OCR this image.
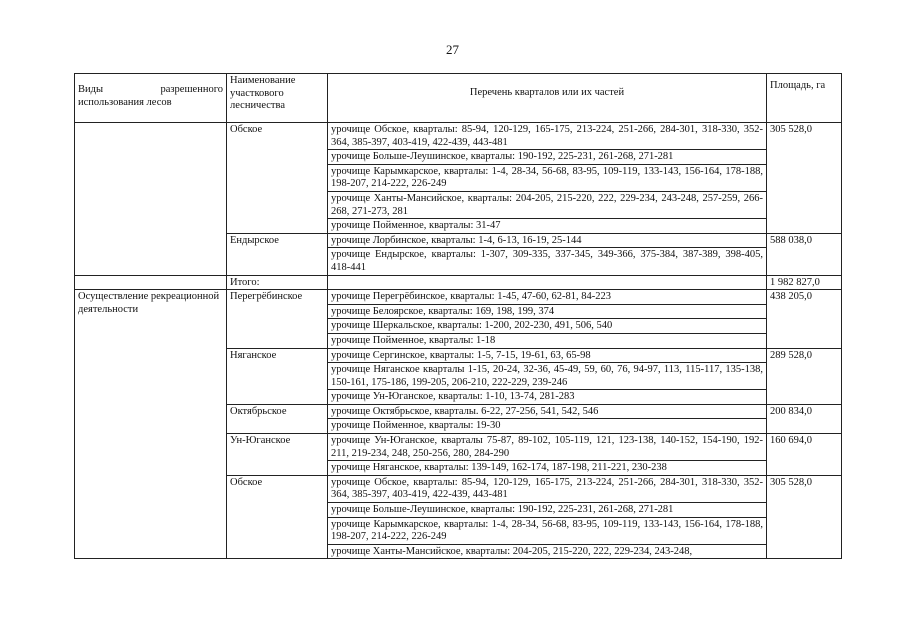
27
Виды разрешенного
использования лесов	Наименование участкового лесничества	Перечень кварталов или их частей	Площадь, га
	Обское	урочище Обское, кварталы: 85-94, 120-129, 165-175, 213-224, 251-266, 284-301, 318-330, 352-364, 385-397, 403-419, 422-439, 443-481	305 528,0
		урочище Больше-Леушинское, кварталы: 190-192, 225-231, 261-268, 271-281	
		урочище Карымкарское, кварталы: 1-4, 28-34, 56-68, 83-95, 109-119, 133-143, 156-164, 178-188, 198-207, 214-222, 226-249	
		урочище Ханты-Мансийское, кварталы: 204-205, 215-220, 222, 229-234, 243-248, 257-259, 266-268, 271-273, 281	
		урочище Пойменное, кварталы: 31-47	
	Ендырское	урочище Лорбинское, кварталы: 1-4, 6-13, 16-19, 25-144	588 038,0
		урочище Ендырское, кварталы: 1-307, 309-335, 337-345, 349-366, 375-384, 387-389, 398-405, 418-441	
	Итого:		1 982 827,0
Осуществление рекреационной деятельности	Перегрёбинское	урочище Перегрёбинское, кварталы: 1-45, 47-60, 62-81, 84-223	438 205,0
		урочище Белоярское, кварталы: 169, 198, 199, 374	
		урочище Шеркальское, кварталы: 1-200, 202-230, 491, 506, 540	
		урочище Пойменное, кварталы: 1-18	
	Няганское	урочище Сергинское, кварталы: 1-5, 7-15, 19-61, 63, 65-98	289 528,0
		урочище Няганское кварталы 1-15, 20-24, 32-36, 45-49, 59, 60, 76, 94-97, 113, 115-117, 135-138, 150-161, 175-186, 199-205, 206-210, 222-229, 239-246	
		урочище Ун-Юганское, кварталы: 1-10, 13-74, 281-283	
	Октябрьское	урочище Октябрьское, кварталы. 6-22, 27-256, 541, 542, 546	200 834,0
		урочище Пойменное, кварталы: 19-30	
	Ун-Юганское	урочище Ун-Юганское, кварталы 75-87, 89-102, 105-119, 121, 123-138, 140-152, 154-190, 192-211, 219-234, 248, 250-256, 280, 284-290	160 694,0
		урочище Няганское, кварталы: 139-149, 162-174, 187-198, 211-221, 230-238	
	Обское	урочище Обское, кварталы: 85-94, 120-129, 165-175, 213-224, 251-266, 284-301, 318-330, 352-364, 385-397, 403-419, 422-439, 443-481	305 528,0
		урочище Больше-Леушинское, кварталы: 190-192, 225-231, 261-268, 271-281	
		урочище Карымкарское, кварталы: 1-4, 28-34, 56-68, 83-95, 109-119, 133-143, 156-164, 178-188, 198-207, 214-222, 226-249	
		урочище Ханты-Мансийское, кварталы: 204-205, 215-220, 222, 229-234, 243-248,	
